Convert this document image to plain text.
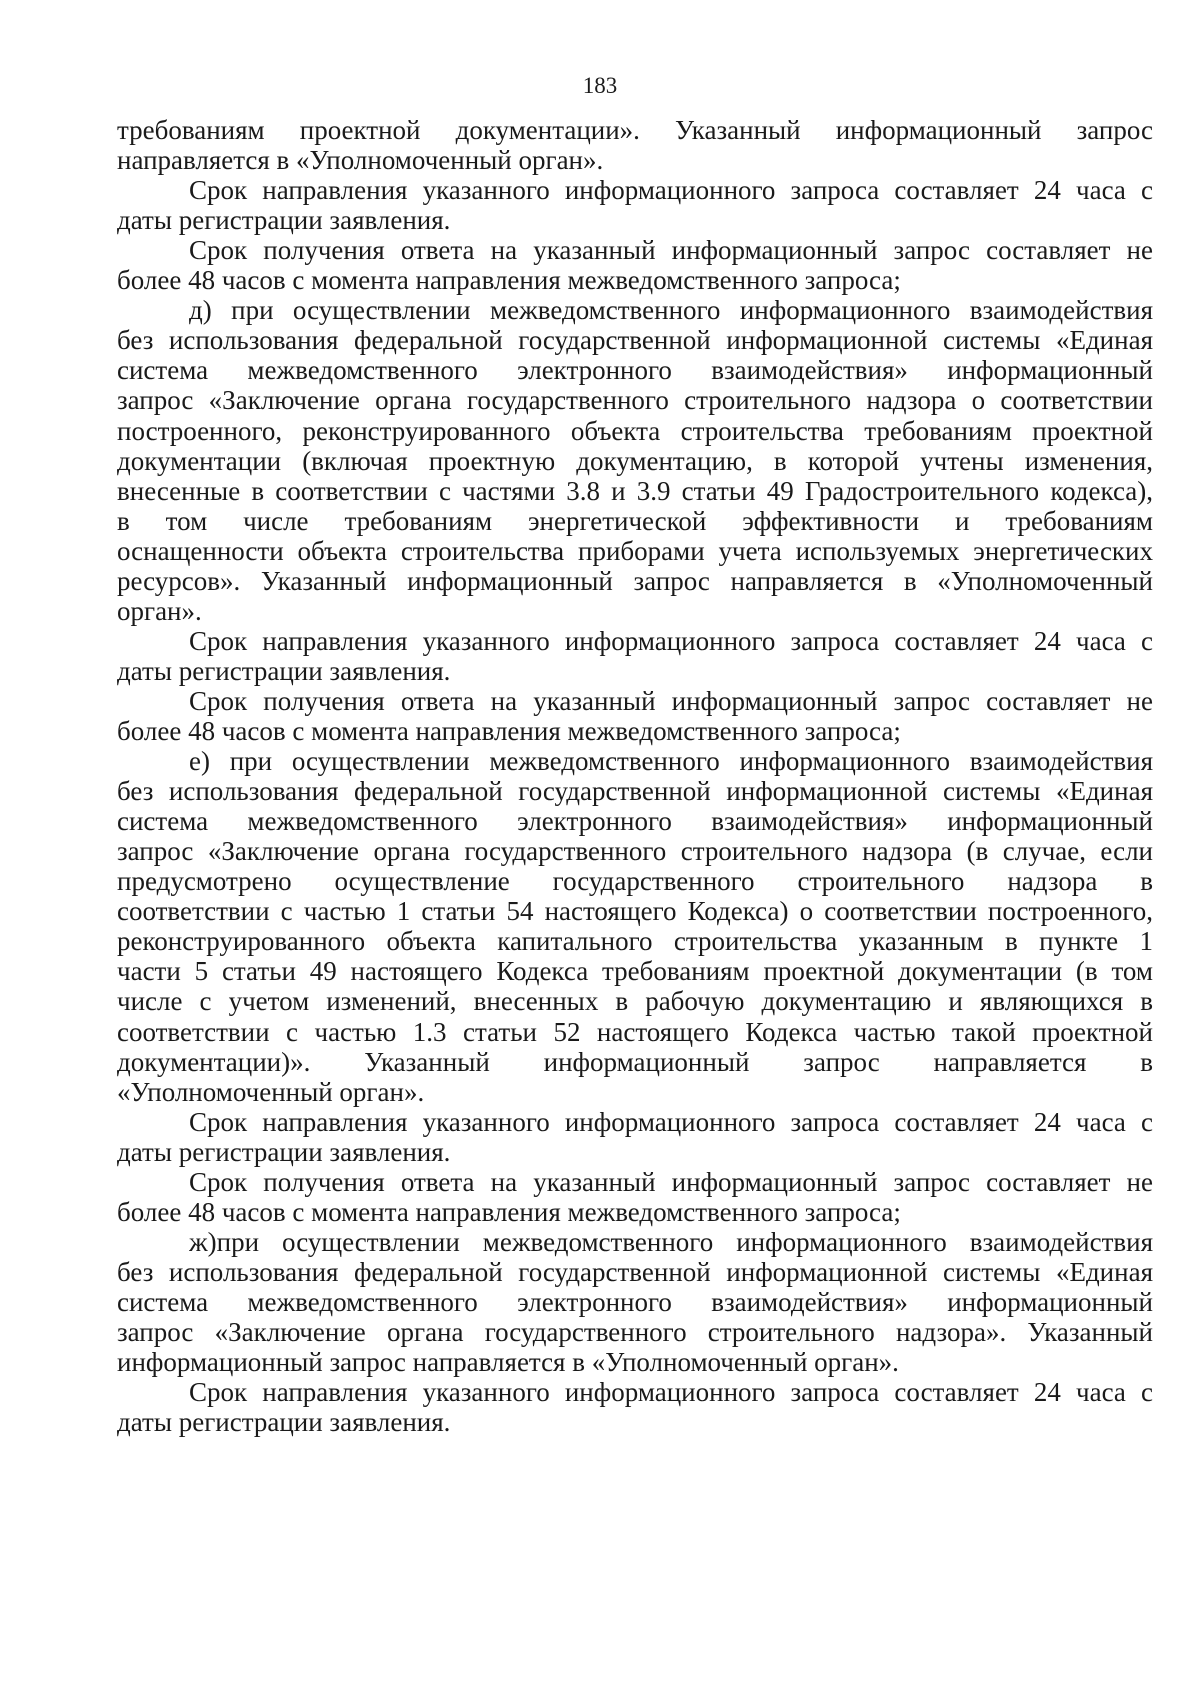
183
требованиям проектной документации». Указанный информационный запрос
направляется в «Уполномоченный орган».
Срок направления указанного информационного запроса составляет 24 часа с
даты регистрации заявления.
Срок получения ответа на указанный информационный запрос составляет не
более 48 часов с момента направления межведомственного запроса;
д) при осуществлении межведомственного информационного взаимодействия
без использования федеральной государственной информационной системы «Единая
система межведомственного электронного взаимодействия» информационный
запрос «Заключение органа государственного строительного надзора о соответствии
построенного, реконструированного объекта строительства требованиям проектной
документации (включая проектную документацию, в которой учтены изменения,
внесенные в соответствии с частями 3.8 и 3.9 статьи 49 Градостроительного кодекса),
в том числе требованиям энергетической эффективности и требованиям
оснащенности объекта строительства приборами учета используемых энергетических
ресурсов». Указанный информационный запрос направляется в «Уполномоченный
орган».
Срок направления указанного информационного запроса составляет 24 часа с
даты регистрации заявления.
Срок получения ответа на указанный информационный запрос составляет не
более 48 часов с момента направления межведомственного запроса;
е) при осуществлении межведомственного информационного взаимодействия
без использования федеральной государственной информационной системы «Единая
система межведомственного электронного взаимодействия» информационный
запрос «Заключение органа государственного строительного надзора (в случае, если
предусмотрено осуществление государственного строительного надзора в
соответствии с частью 1 статьи 54 настоящего Кодекса) о соответствии построенного,
реконструированного объекта капитального строительства указанным в пункте 1
части 5 статьи 49 настоящего Кодекса требованиям проектной документации (в том
числе с учетом изменений, внесенных в рабочую документацию и являющихся в
соответствии с частью 1.3 статьи 52 настоящего Кодекса частью такой проектной
документации)». Указанный информационный запрос направляется в
«Уполномоченный орган».
Срок направления указанного информационного запроса составляет 24 часа с
даты регистрации заявления.
Срок получения ответа на указанный информационный запрос составляет не
более 48 часов с момента направления межведомственного запроса;
ж)при осуществлении межведомственного информационного взаимодействия
без использования федеральной государственной информационной системы «Единая
система межведомственного электронного взаимодействия» информационный
запрос «Заключение органа государственного строительного надзора». Указанный
информационный запрос направляется в «Уполномоченный орган».
Срок направления указанного информационного запроса составляет 24 часа с
даты регистрации заявления.
